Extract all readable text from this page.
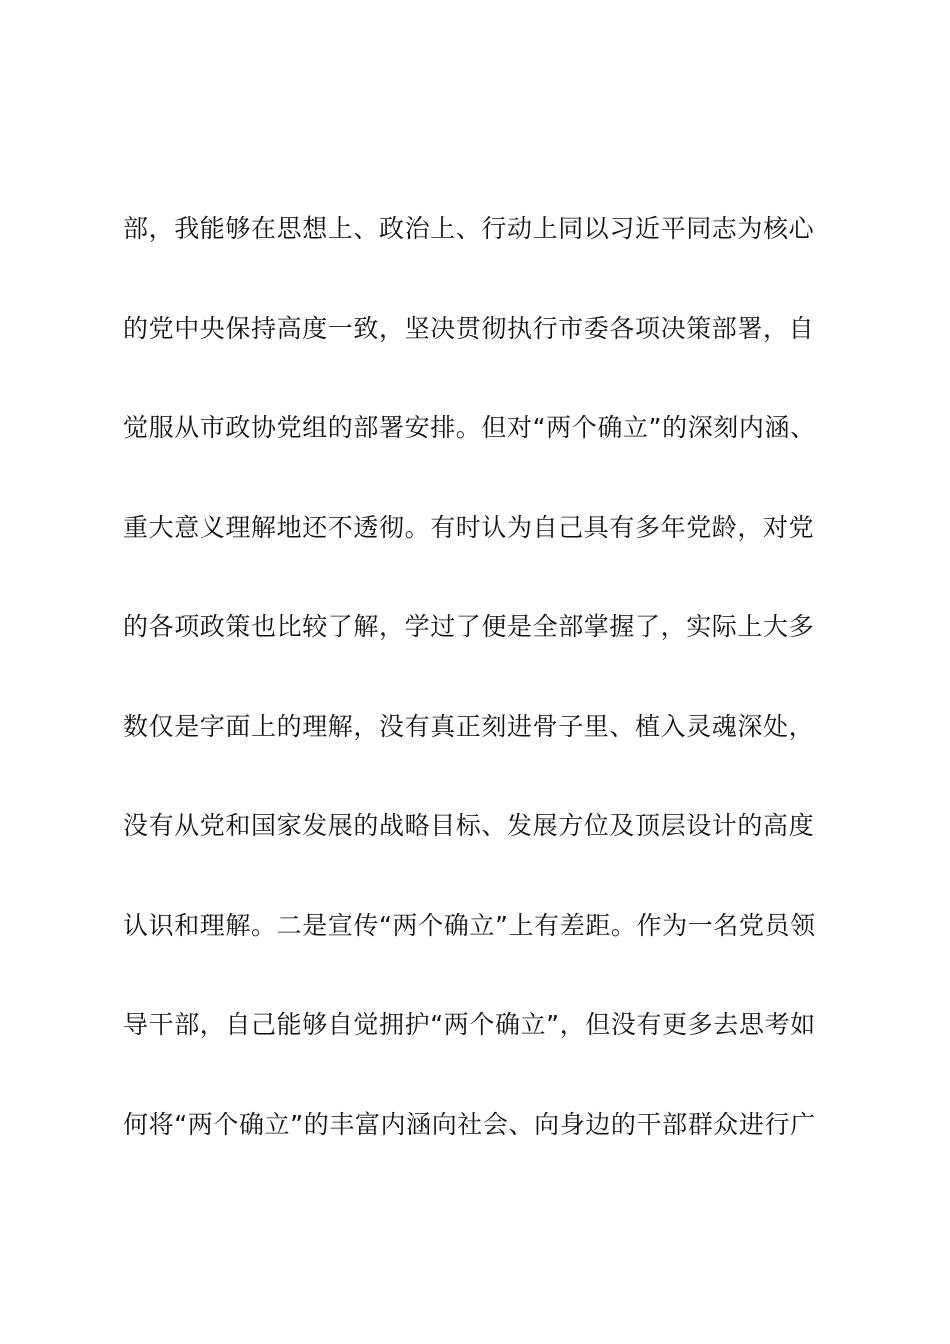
部，我能够在思想上、政治上、行动上同以习近平同志为核心
的党中央保持高度一致，坚决贯彻执行市委各项决策部署，自
觉服从市政协党组的部署安排。但对“两个确立”的深刻内涵、
重大意义理解地还不透彻。有时认为自己具有多年党龄，对党
的各项政策也比较了解，学过了便是全部掌握了，实际上大多
数仅是字面上的理解，没有真正刻进骨子里、植入灵魂深处，
没有从党和国家发展的战略目标、发展方位及顶层设计的高度
认识和理解。二是宣传“两个确立”上有差距。作为一名党员领
导干部，自己能够自觉拥护“两个确立”，但没有更多去思考如
何将“两个确立”的丰富内涵向社会、向身边的干部群众进行广
